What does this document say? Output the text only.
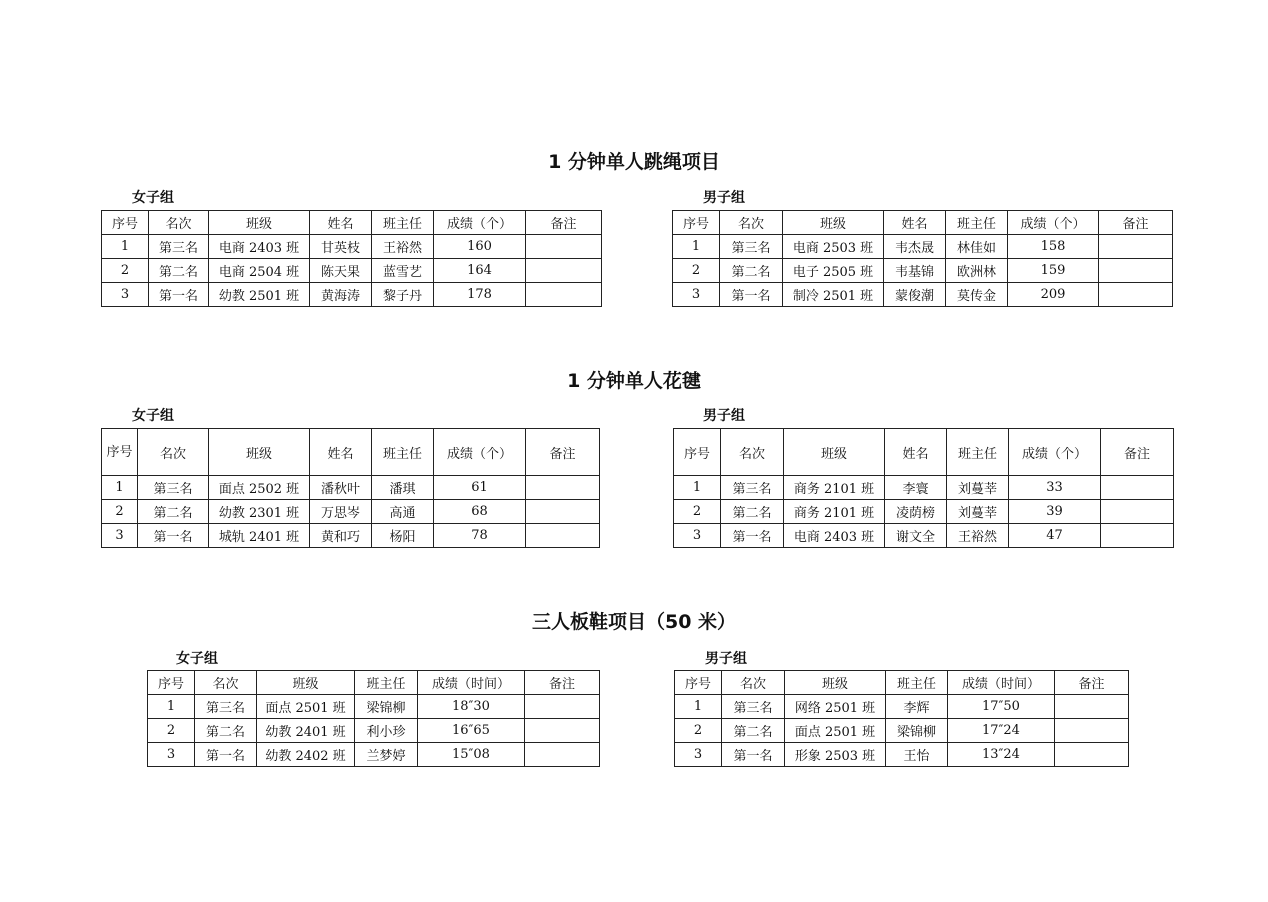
1 分钟单人跳绳项目
女子组
序号	名次	班级	姓名	班主任	成绩（个）	备注
1	第三名	电商 2403 班	甘英枝	王裕然	160	
2	第二名	电商 2504 班	陈天果	蓝雪艺	164	
3	第一名	幼教 2501 班	黄海涛	黎子丹	178	
男子组
序号	名次	班级	姓名	班主任	成绩（个）	备注
1	第三名	电商 2503 班	韦杰晟	林佳如	158	
2	第二名	电子 2505 班	韦基锦	欧洲林	159	
3	第一名	制冷 2501 班	蒙俊潮	莫传金	209	
1 分钟单人花毽
女子组
序号	名次	班级	姓名	班主任	成绩（个）	备注
1	第三名	面点 2502 班	潘秋叶	潘琪	61	
2	第二名	幼教 2301 班	万思岑	高通	68	
3	第一名	城轨 2401 班	黄和巧	杨阳	78	
男子组
序号	名次	班级	姓名	班主任	成绩（个）	备注
1	第三名	商务 2101 班	李寰	刘蔓莘	33	
2	第二名	商务 2101 班	凌荫榜	刘蔓莘	39	
3	第一名	电商 2403 班	谢文全	王裕然	47	
三人板鞋项目（50 米）
女子组
序号	名次	班级	班主任	成绩（时间）	备注
1	第三名	面点 2501 班	梁锦柳	18″30	
2	第二名	幼教 2401 班	利小珍	16″65	
3	第一名	幼教 2402 班	兰梦婷	15″08	
男子组
序号	名次	班级	班主任	成绩（时间）	备注
1	第三名	网络 2501 班	李辉	17″50	
2	第二名	面点 2501 班	梁锦柳	17″24	
3	第一名	形象 2503 班	王怡	13″24	
